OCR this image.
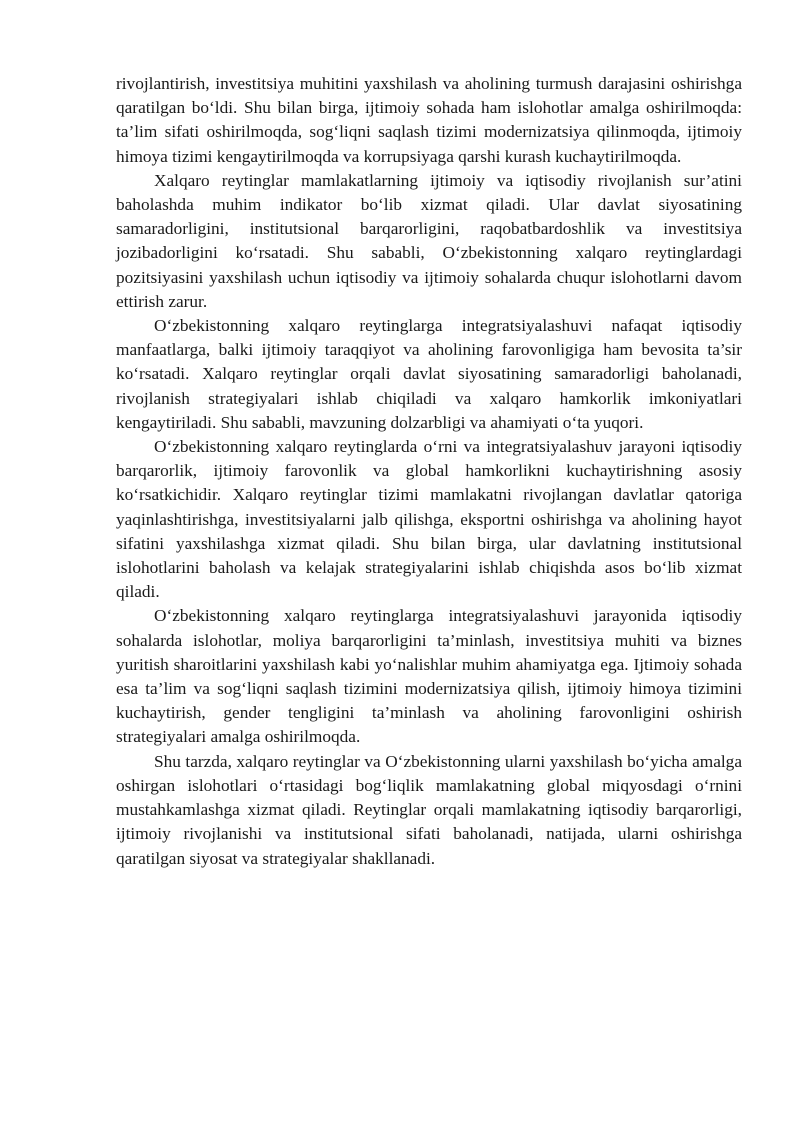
rivojlantirish, investitsiya muhitini yaxshilash va aholining turmush darajasini oshirishga qaratilgan bo‘ldi. Shu bilan birga, ijtimoiy sohada ham islohotlar amalga oshirilmoqda: ta’lim sifati oshirilmoqda, sog‘liqni saqlash tizimi modernizatsiya qilinmoqda, ijtimoiy himoya tizimi kengaytirilmoqda va korrupsiyaga qarshi kurash kuchaytirilmoqda.

Xalqaro reytinglar mamlakatlarning ijtimoiy va iqtisodiy rivojlanish sur’atini baholashda muhim indikator bo‘lib xizmat qiladi. Ular davlat siyosatining samaradorligini, institutsional barqarorligini, raqobatbardoshlik va investitsiya jozibadorligini ko‘rsatadi. Shu sababli, O‘zbekistonning xalqaro reytinglardagi pozitsiyasini yaxshilash uchun iqtisodiy va ijtimoiy sohalarda chuqur islohotlarni davom ettirish zarur.

O‘zbekistonning xalqaro reytinglarga integratsiyalashuvi nafaqat iqtisodiy manfaatlarga, balki ijtimoiy taraqqiyot va aholining farovonligiga ham bevosita ta’sir ko‘rsatadi. Xalqaro reytinglar orqali davlat siyosatining samaradorligi baholanadi, rivojlanish strategiyalari ishlab chiqiladi va xalqaro hamkorlik imkoniyatlari kengaytiriladi. Shu sababli, mavzuning dolzarbligi va ahamiyati o‘ta yuqori.

O‘zbekistonning xalqaro reytinglarda o‘rni va integratsiyalashuv jarayoni iqtisodiy barqarorlik, ijtimoiy farovonlik va global hamkorlikni kuchaytirishning asosiy ko‘rsatkichidir. Xalqaro reytinglar tizimi mamlakatni rivojlangan davlatlar qatoriga yaqinlashtirishga, investitsiyalarni jalb qilishga, eksportni oshirishga va aholining hayot sifatini yaxshilashga xizmat qiladi. Shu bilan birga, ular davlatning institutsional islohotlarini baholash va kelajak strategiyalarini ishlab chiqishda asos bo‘lib xizmat qiladi.

O‘zbekistonning xalqaro reytinglarga integratsiyalashuvi jarayonida iqtisodiy sohalarda islohotlar, moliya barqarorligini ta’minlash, investitsiya muhiti va biznes yuritish sharoitlarini yaxshilash kabi yo‘nalishlar muhim ahamiyatga ega. Ijtimoiy sohada esa ta’lim va sog‘liqni saqlash tizimini modernizatsiya qilish, ijtimoiy himoya tizimini kuchaytirish, gender tengligini ta’minlash va aholining farovonligini oshirish strategiyalari amalga oshirilmoqda.

Shu tarzda, xalqaro reytinglar va O‘zbekistonning ularni yaxshilash bo‘yicha amalga oshirgan islohotlari o‘rtasidagi bog‘liqlik mamlakatning global miqyosdagi o‘rnini mustahkamlashga xizmat qiladi. Reytinglar orqali mamlakatning iqtisodiy barqarorligi, ijtimoiy rivojlanishi va institutsional sifati baholanadi, natijada, ularni oshirishga qaratilgan siyosat va strategiyalar shakllanadi.
